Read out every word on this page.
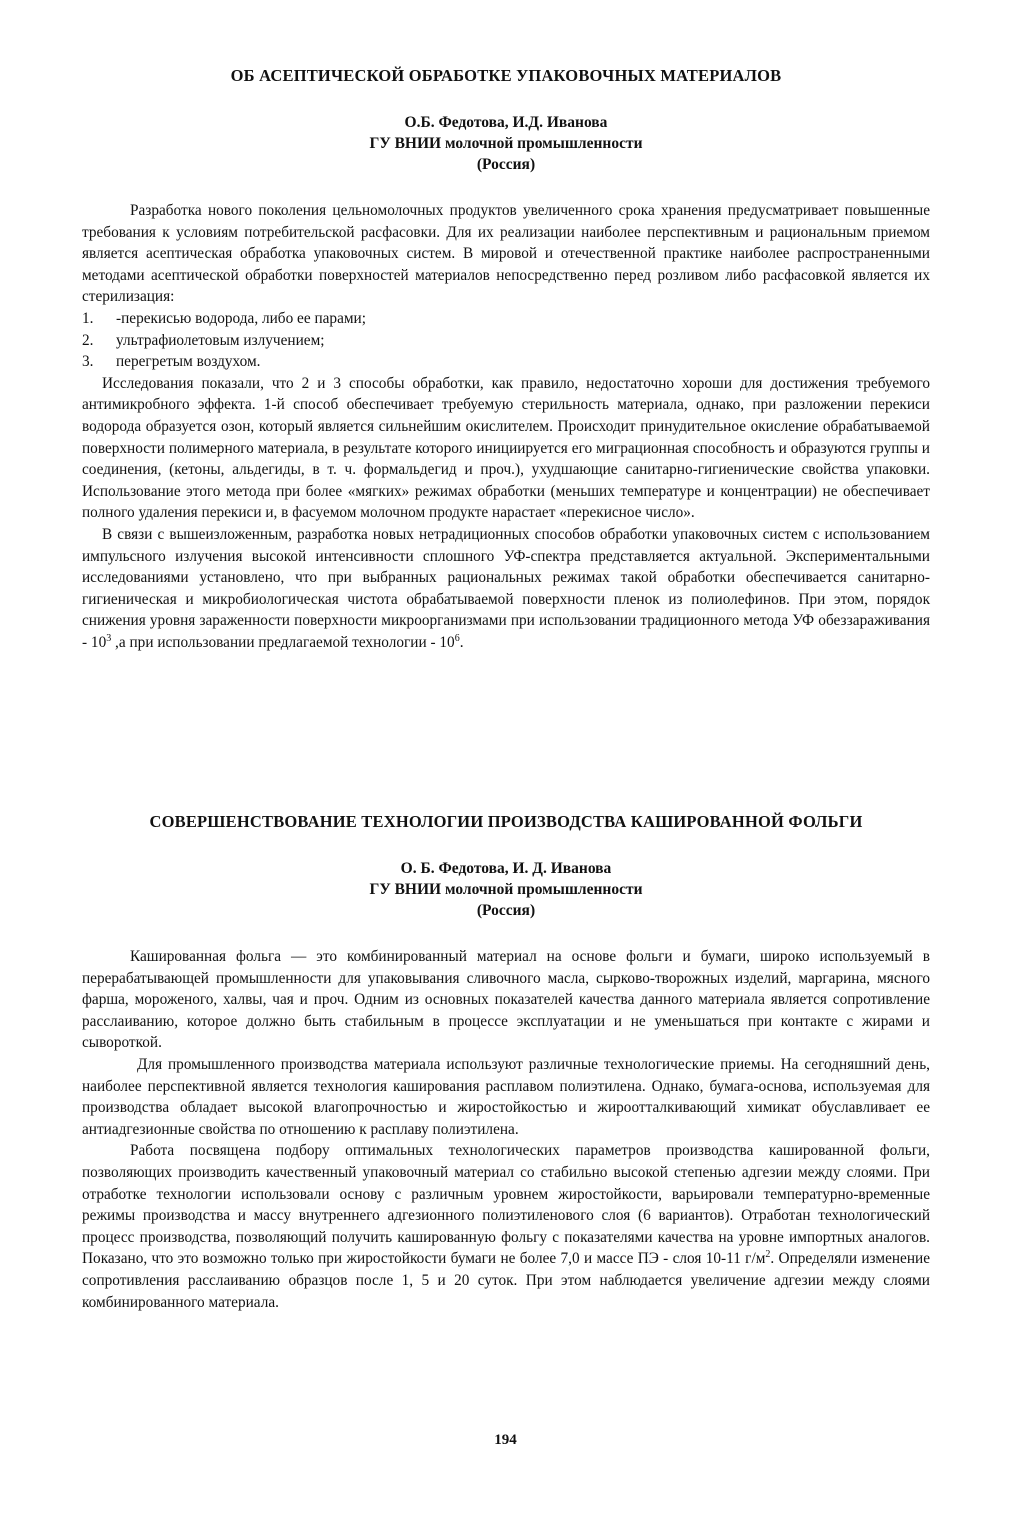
ОБ АСЕПТИЧЕСКОЙ ОБРАБОТКЕ УПАКОВОЧНЫХ МАТЕРИАЛОВ
О.Б. Федотова, И.Д. Иванова
ГУ ВНИИ молочной промышленности
(Россия)

Разработка нового поколения цельномолочных продуктов увеличенного срока хранения предусматривает повышенные требования к условиям потребительской расфасовки. Для их реализации наиболее перспективным и рациональным приемом является асептическая обработка упаковочных систем. В мировой и отечественной практике наиболее распространенными методами асептической обработки поверхностей материалов непосредственно перед розливом либо расфасовкой является их стерилизация:

1.	-перекисью водорода, либо ее парами;
2.	ультрафиолетовым излучением;
3.	перегретым воздухом.

Исследования показали, что 2 и 3 способы обработки, как правило, недостаточно хороши для достижения требуемого антимикробного эффекта. 1-й способ обеспечивает требуемую стерильность материала, однако, при разложении перекиси водорода образуется озон, который является сильнейшим окислителем. Происходит принудительное окисление обрабатываемой поверхности полимерного материала, в результате которого инициируется его миграционная способность и образуются группы и соединения, (кетоны, альдегиды, в т. ч. формальдегид и проч.), ухудшающие санитарно-гигиенические свойства упаковки. Использование этого метода при более «мягких» режимах обработки (меньших температуре и концентрации) не обеспечивает полного удаления перекиси и, в фасуемом молочном продукте нарастает «перекисное число».

В связи с вышеизложенным, разработка новых нетрадиционных способов обработки упаковочных систем с использованием импульсного излучения высокой интенсивности сплошного УФ-спектра представляется актуальной. Экспериментальными исследованиями установлено, что при выбранных рациональных режимах такой обработки обеспечивается санитарно-гигиеническая и микробиологическая чистота обрабатываемой поверхности пленок из полиолефинов. При этом, порядок снижения уровня зараженности поверхности микроорганизмами при использовании традиционного метода УФ обеззараживания - $10^3$ ,а при использовании предлагаемой технологии - $10^6$.

СОВЕРШЕНСТВОВАНИЕ ТЕХНОЛОГИИ ПРОИЗВОДСТВА КАШИРОВАННОЙ ФОЛЬГИ
О. Б. Федотова, И. Д. Иванова
ГУ ВНИИ молочной промышленности
(Россия)

Кашированная фольга — это комбинированный материал на основе фольги и бумаги, широко используемый в перерабатывающей промышленности для упаковывания сливочного масла, сырково-творожных изделий, маргарина, мясного фарша, мороженого, халвы, чая и проч. Одним из основных показателей качества данного материала является сопротивление расслаиванию, которое должно быть стабильным в процессе эксплуатации и не уменьшаться при контакте с жирами и сывороткой.

Для промышленного производства материала используют различные технологические приемы. На сегодняшний день, наиболее перспективной является технология каширования расплавом полиэтилена. Однако, бумага-основа, используемая для производства обладает высокой влагопрочностью и жиростойкостью и жироотталкивающий химикат обуславливает ее антиадгезионные свойства по отношению к расплаву полиэтилена.

Работа посвящена подбору оптимальных технологических параметров производства кашированной фольги, позволяющих производить качественный упаковочный материал со стабильно высокой степенью адгезии между слоями. При отработке технологии использовали основу с различным уровнем жиростойкости, варьировали температурно-временные режимы производства и массу внутреннего адгезионного полиэтиленового слоя (6 вариантов). Отработан технологический процесс производства, позволяющий получить кашированную фольгу с показателями качества на уровне импортных аналогов. Показано, что это возможно только при жиростойкости бумаги не более 7,0 и массе ПЭ - слоя 10-11 $г/м^2$. Определяли изменение сопротивления расслаиванию образцов после 1, 5 и 20 суток. При этом наблюдается увеличение адгезии между слоями комбинированного материала.

194
